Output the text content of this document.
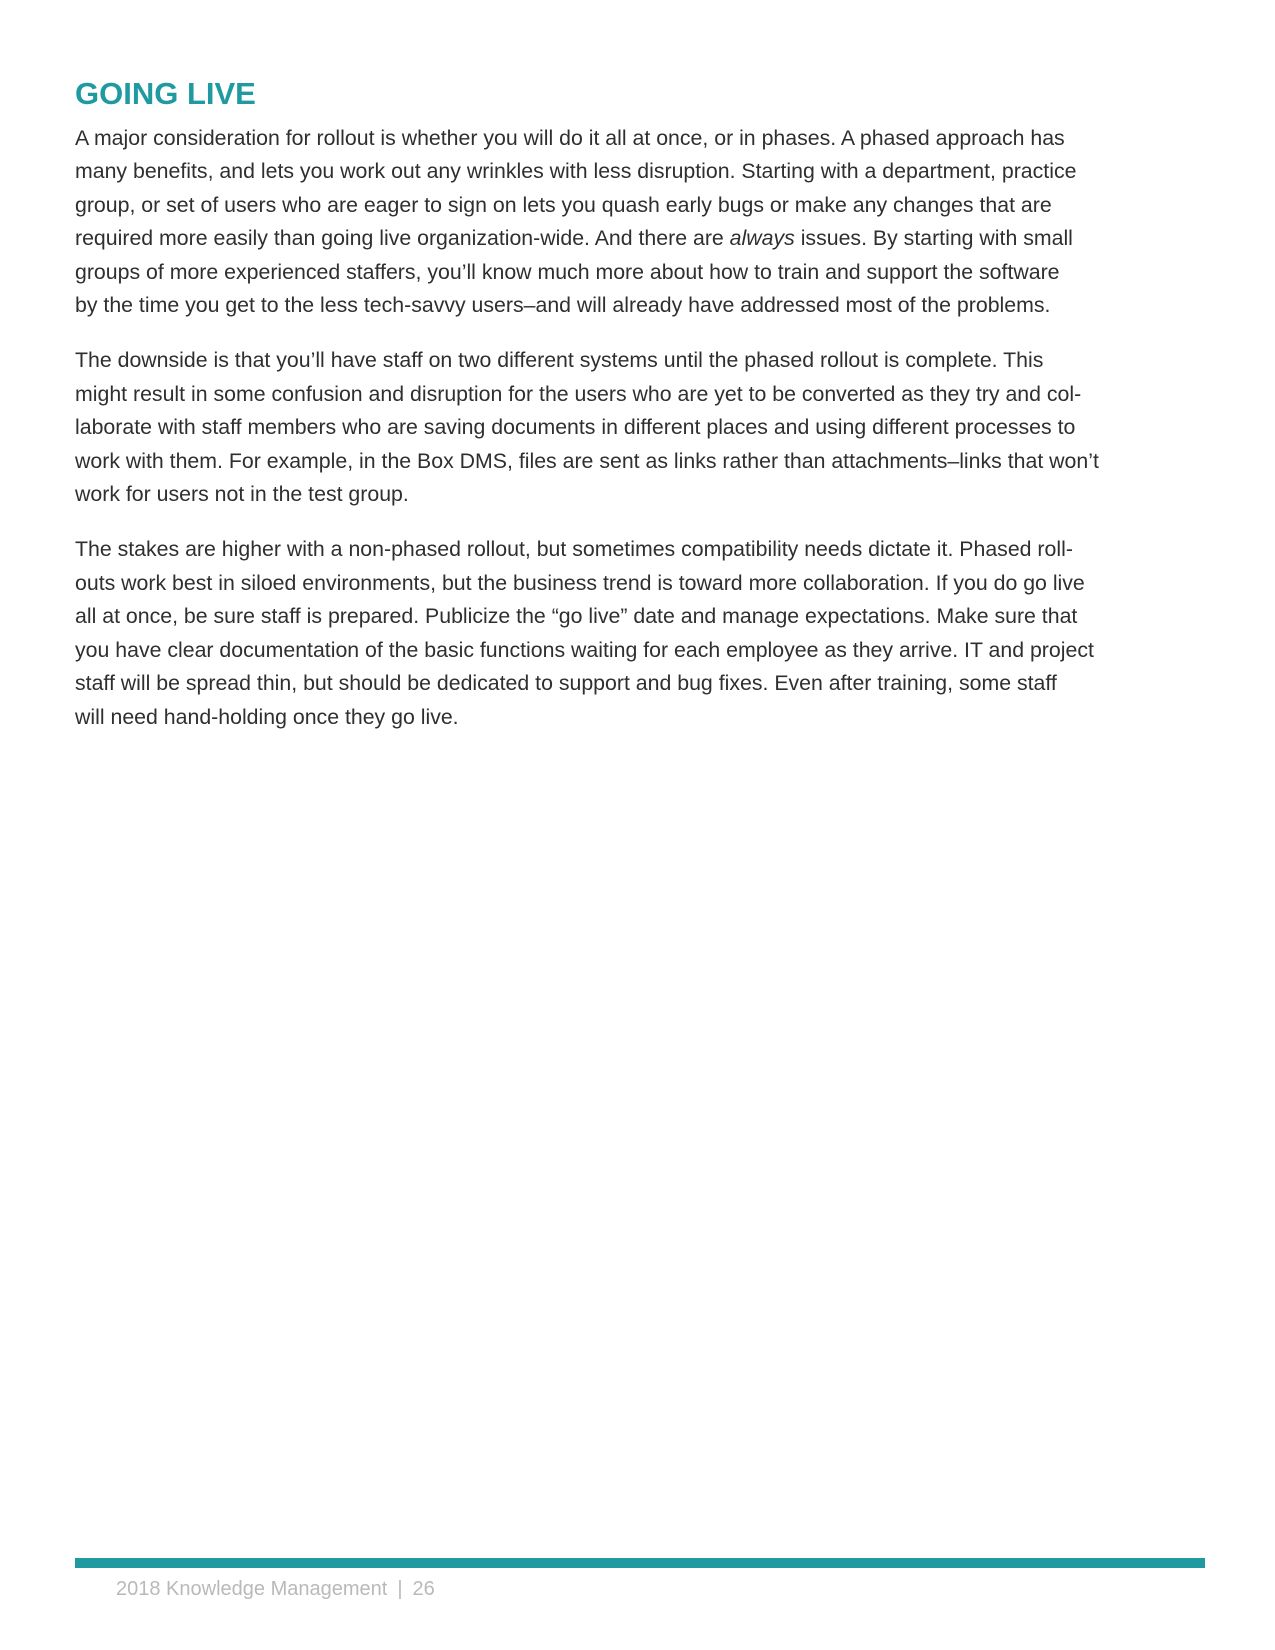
GOING LIVE

A major consideration for rollout is whether you will do it all at once, or in phases. A phased approach has
many benefits, and lets you work out any wrinkles with less disruption. Starting with a department, practice
group, or set of users who are eager to sign on lets you quash early bugs or make any changes that are
required more easily than going live organization-wide. And there are always issues. By starting with small
groups of more experienced staffers, you’ll know much more about how to train and support the software
by the time you get to the less tech-savvy users–and will already have addressed most of the problems.

The downside is that you’ll have staff on two different systems until the phased rollout is complete. This
might result in some confusion and disruption for the users who are yet to be converted as they try and col-
laborate with staff members who are saving documents in different places and using different processes to
work with them. For example, in the Box DMS, files are sent as links rather than attachments–links that won’t
work for users not in the test group.

The stakes are higher with a non-phased rollout, but sometimes compatibility needs dictate it. Phased roll-
outs work best in siloed environments, but the business trend is toward more collaboration. If you do go live
all at once, be sure staff is prepared. Publicize the “go live” date and manage expectations. Make sure that
you have clear documentation of the basic functions waiting for each employee as they arrive. IT and project
staff will be spread thin, but should be dedicated to support and bug fixes. Even after training, some staff
will need hand-holding once they go live.

2018 Knowledge Management | 26
